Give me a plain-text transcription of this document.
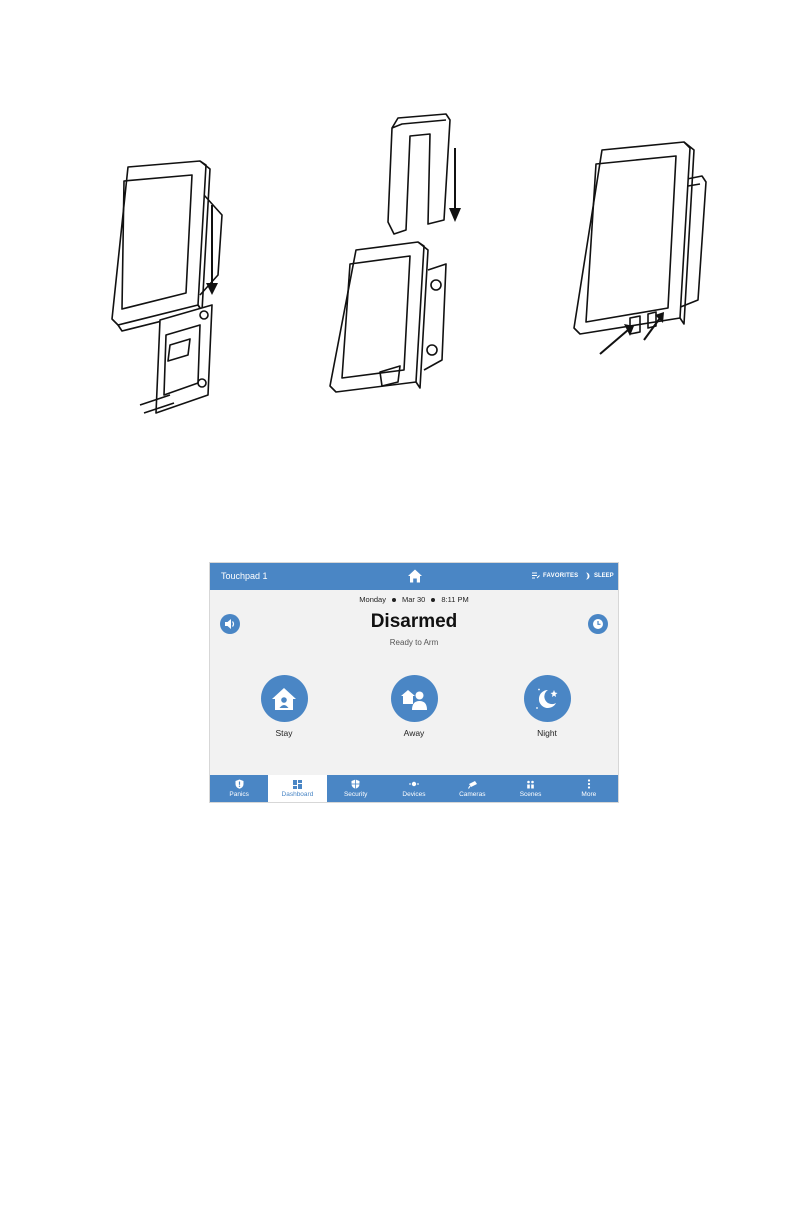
Touchpad 1	FAVORITES	SLEEP
Monday Mar 30 8:11 PM
Disarmed
Ready to Arm
Stay	Away	Night
Panics	Dashboard	Security	Devices	Cameras	Scenes	More
